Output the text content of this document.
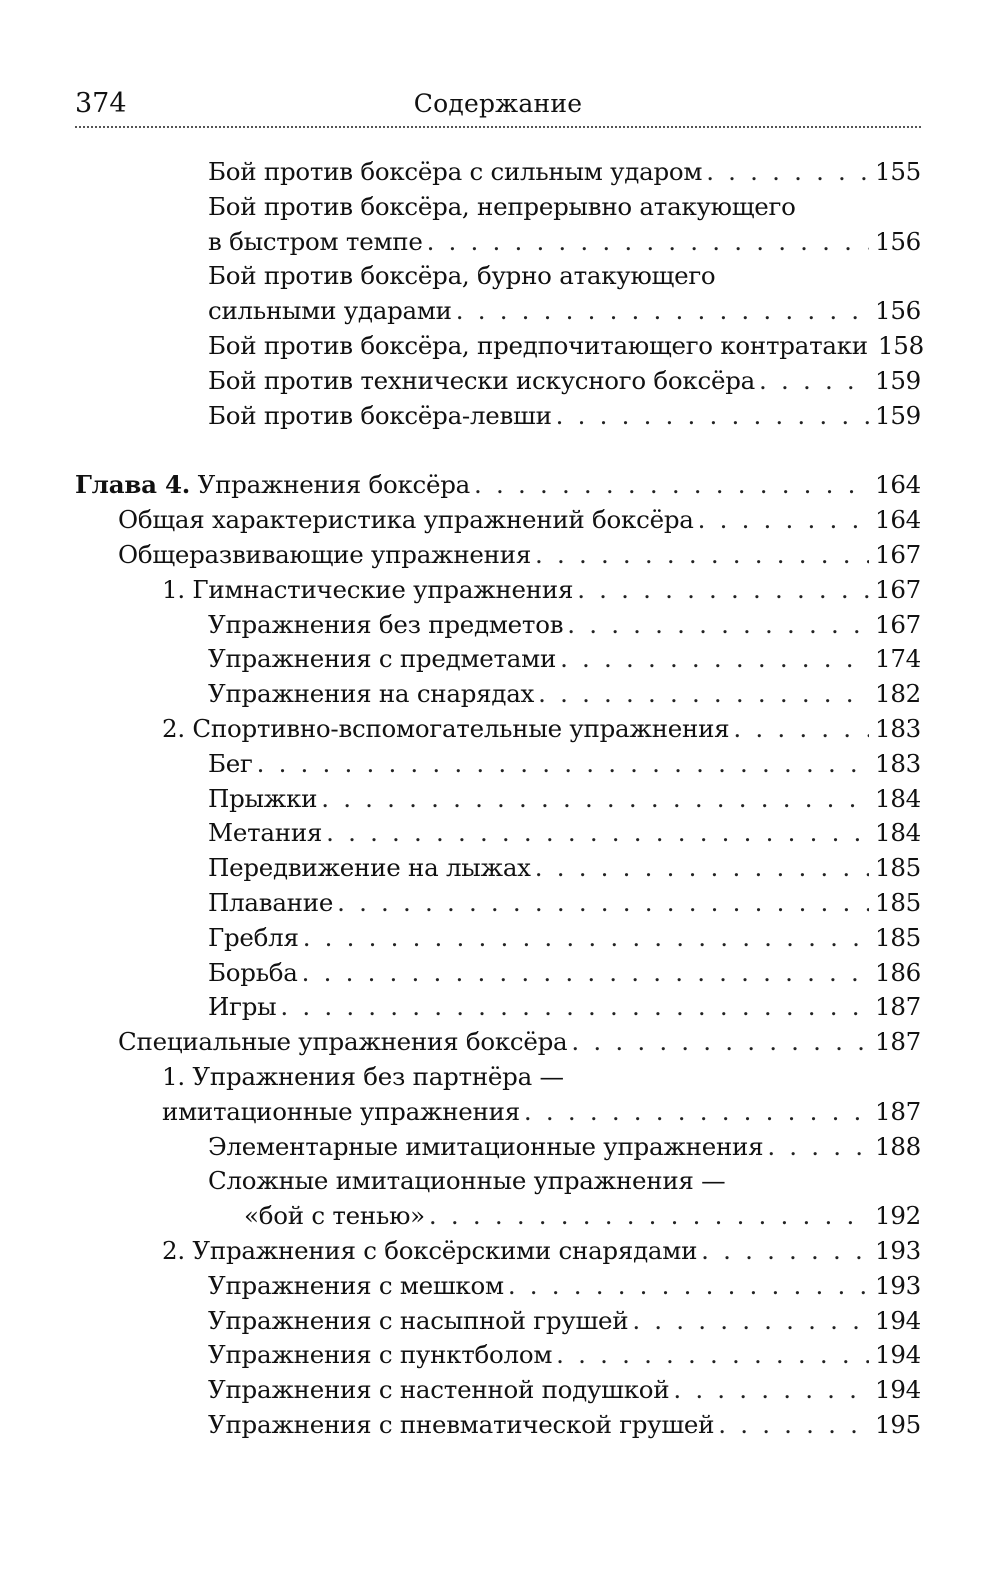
Содержание
374
Бой против боксёра с сильным ударом . . .	155
Бой против боксёра, непрерывно атакующего
в быстром темпе . . .	156
Бой против боксёра, бурно атакующего
сильными ударами . . .	156
Бой против боксёра, предпочитающего контратаки 158
Бой против технически искусного боксёра . . .	159
Бой против боксёра-левши . . .	159
Глава 4. Упражнения боксёра . . .	164
Общая характеристика упражнений боксёра . . .	164
Общеразвивающие упражнения . . .	167
1. Гимнастические упражнения . . .	167
Упражнения без предметов . . .	167
Упражнения с предметами . . .	174
Упражнения на снарядах . . .	182
2. Спортивно-вспомогательные упражнения . . .	183
Бег . . .	183
Прыжки . . .	184
Метания . . .	184
Передвижение на лыжах . . .	185
Плавание . . .	185
Гребля . . .	185
Борьба . . .	186
Игры . . .	187
Специальные упражнения боксёра . . .	187
1. Упражнения без партнёра —
имитационные упражнения . . .	187
Элементарные имитационные упражнения . . .	188
Сложные имитационные упражнения —
«бой с тенью» . . .	192
2. Упражнения с боксёрскими снарядами . . .	193
Упражнения с мешком . . .	193
Упражнения с насыпной грушей . . .	194
Упражнения с пунктболом . . .	194
Упражнения с настенной подушкой . . .	194
Упражнения с пневматической грушей . . .	195
